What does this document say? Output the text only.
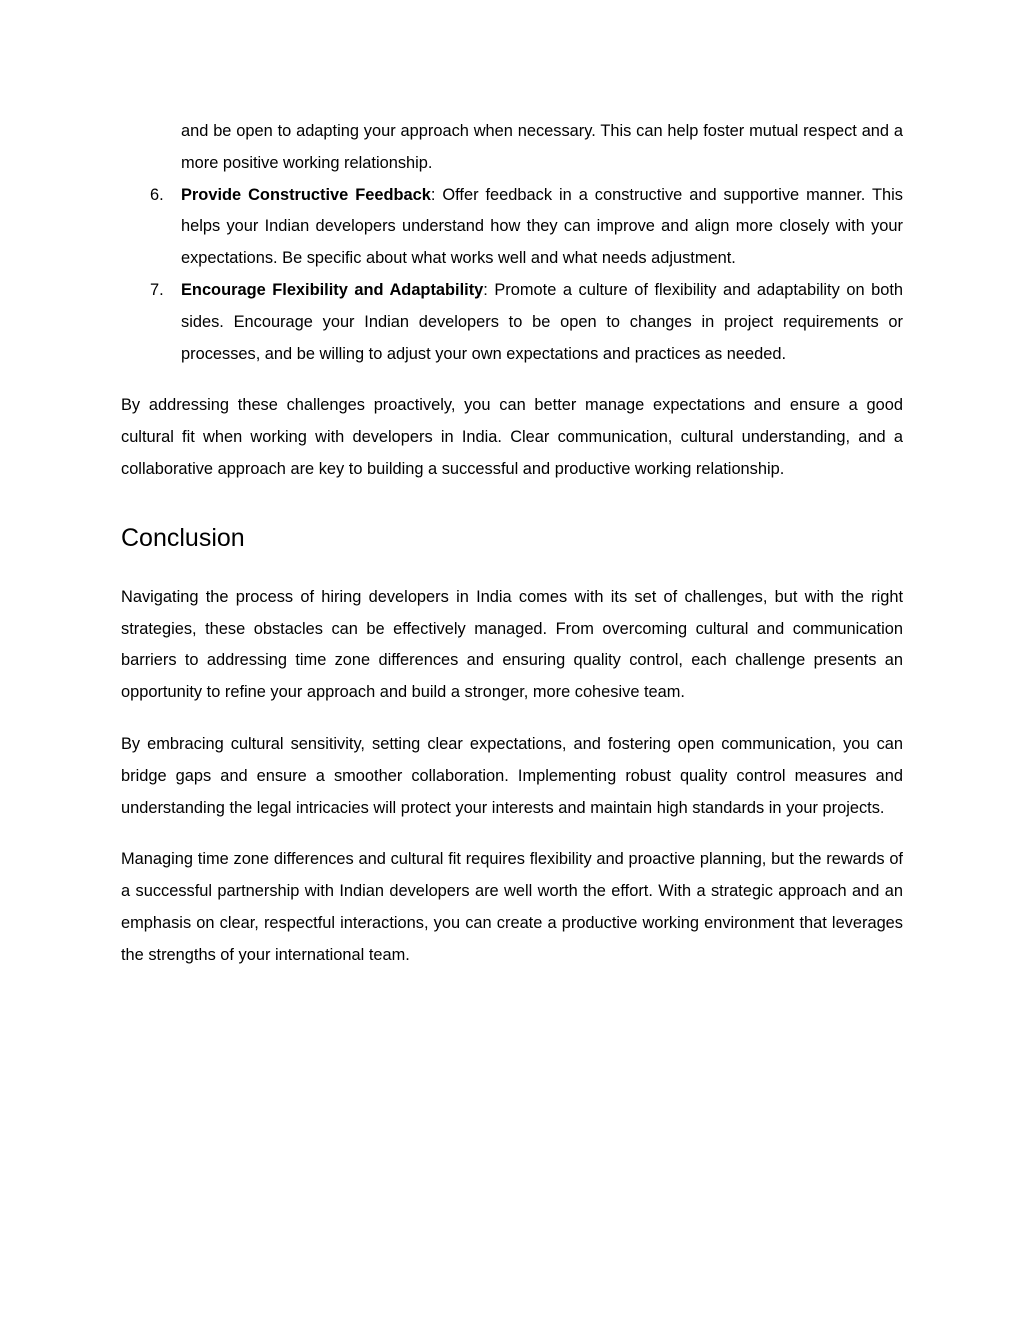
and be open to adapting your approach when necessary. This can help foster mutual respect and a more positive working relationship.
6. Provide Constructive Feedback: Offer feedback in a constructive and supportive manner. This helps your Indian developers understand how they can improve and align more closely with your expectations. Be specific about what works well and what needs adjustment.
7. Encourage Flexibility and Adaptability: Promote a culture of flexibility and adaptability on both sides. Encourage your Indian developers to be open to changes in project requirements or processes, and be willing to adjust your own expectations and practices as needed.

By addressing these challenges proactively, you can better manage expectations and ensure a good cultural fit when working with developers in India. Clear communication, cultural understanding, and a collaborative approach are key to building a successful and productive working relationship.

Conclusion

Navigating the process of hiring developers in India comes with its set of challenges, but with the right strategies, these obstacles can be effectively managed. From overcoming cultural and communication barriers to addressing time zone differences and ensuring quality control, each challenge presents an opportunity to refine your approach and build a stronger, more cohesive team.

By embracing cultural sensitivity, setting clear expectations, and fostering open communication, you can bridge gaps and ensure a smoother collaboration. Implementing robust quality control measures and understanding the legal intricacies will protect your interests and maintain high standards in your projects.

Managing time zone differences and cultural fit requires flexibility and proactive planning, but the rewards of a successful partnership with Indian developers are well worth the effort. With a strategic approach and an emphasis on clear, respectful interactions, you can create a productive working environment that leverages the strengths of your international team.
